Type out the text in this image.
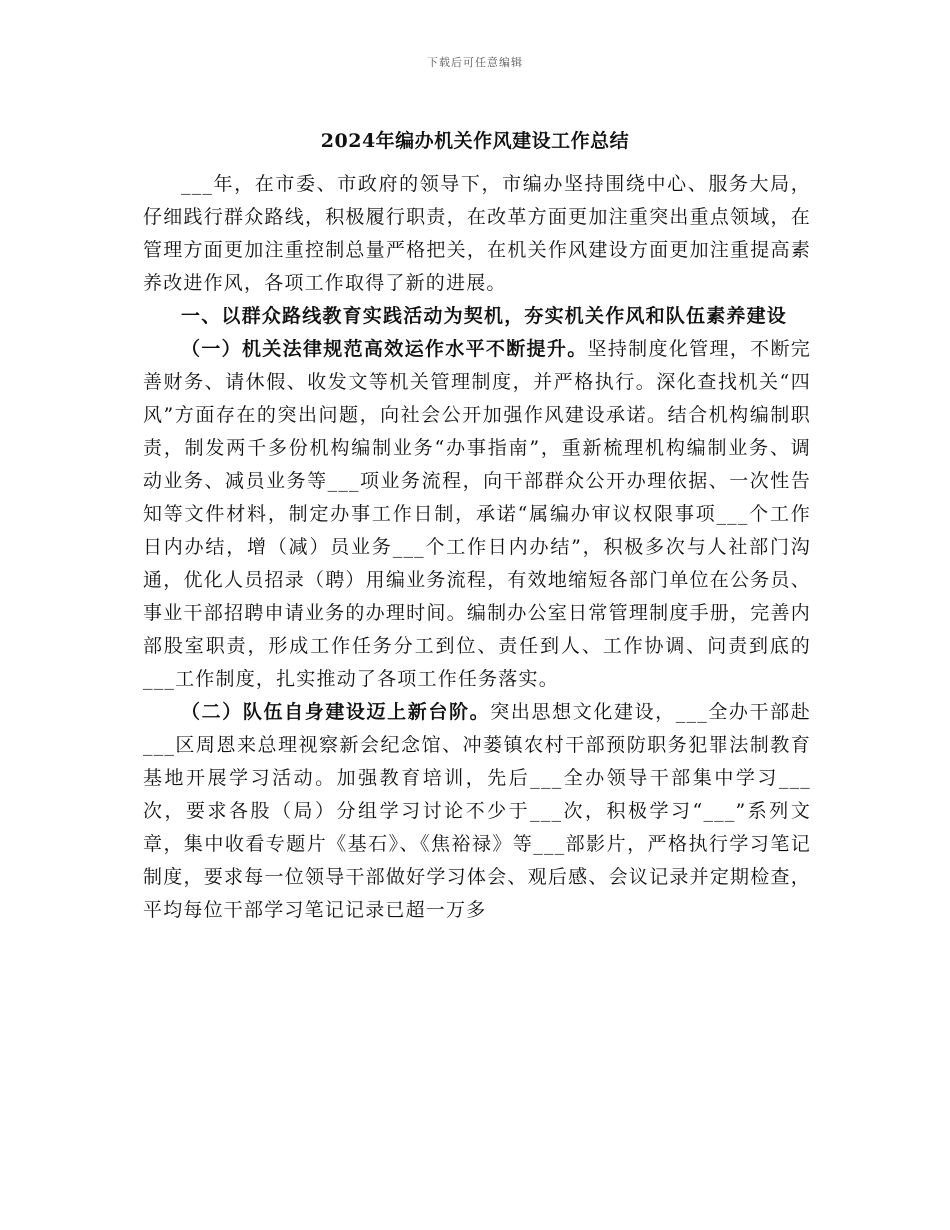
下载后可任意编辑
2024年编办机关作风建设工作总结

___年，在市委、市政府的领导下，市编办坚持围绕中心、服务大局，仔细践行群众路线，积极履行职责，在改革方面更加注重突出重点领域，在管理方面更加注重控制总量严格把关，在机关作风建设方面更加注重提高素养改进作风，各项工作取得了新的进展。

一、以群众路线教育实践活动为契机，夯实机关作风和队伍素养建设

（一）机关法律规范高效运作水平不断提升。坚持制度化管理，不断完善财务、请休假、收发文等机关管理制度，并严格执行。深化查找机关“四风”方面存在的突出问题，向社会公开加强作风建设承诺。结合机构编制职责，制发两千多份机构编制业务“办事指南”，重新梳理机构编制业务、调动业务、减员业务等___项业务流程，向干部群众公开办理依据、一次性告知等文件材料，制定办事工作日制，承诺“属编办审议权限事项___个工作日内办结，增（减）员业务___个工作日内办结”，积极多次与人社部门沟通，优化人员招录（聘）用编业务流程，有效地缩短各部门单位在公务员、事业干部招聘申请业务的办理时间。编制办公室日常管理制度手册，完善内部股室职责，形成工作任务分工到位、责任到人、工作协调、问责到底的___工作制度，扎实推动了各项工作任务落实。

（二）队伍自身建设迈上新台阶。突出思想文化建设，___全办干部赴___区周恩来总理视察新会纪念馆、冲蒌镇农村干部预防职务犯罪法制教育基地开展学习活动。加强教育培训，先后___全办领导干部集中学习___次，要求各股（局）分组学习讨论不少于___次，积极学习“___”系列文章，集中收看专题片《基石》、《焦裕禄》等___部影片，严格执行学习笔记制度，要求每一位领导干部做好学习体会、观后感、会议记录并定期检查，平均每位干部学习笔记记录已超一万多
